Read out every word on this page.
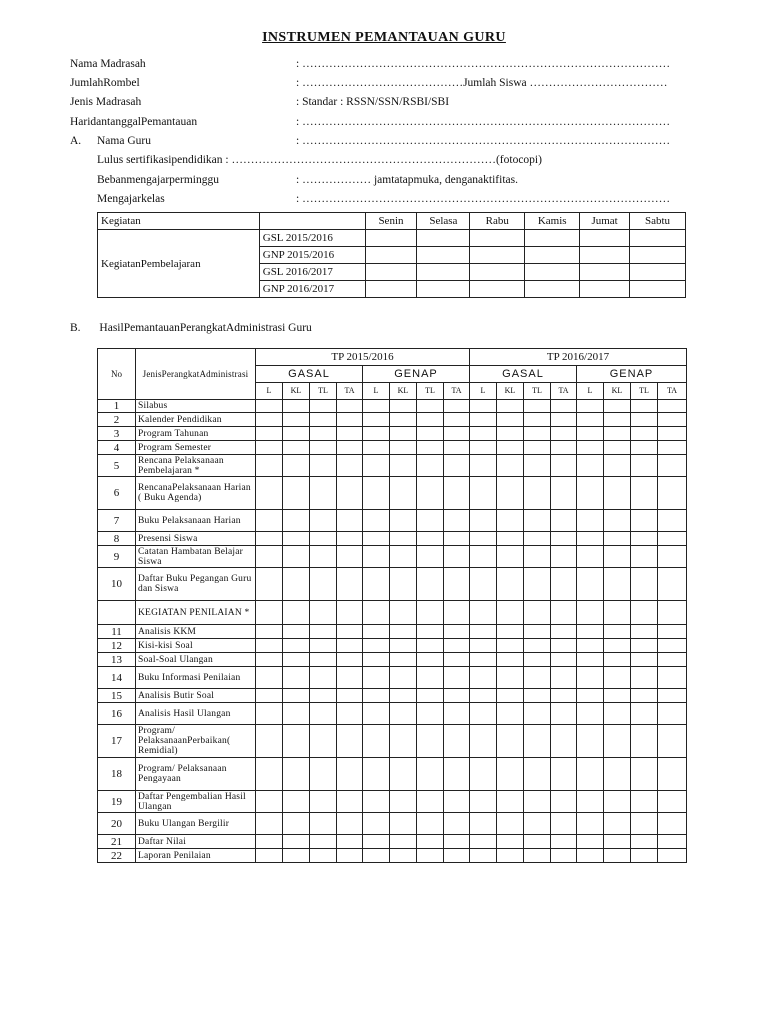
INSTRUMEN PEMANTAUAN GURU
Nama Madrasah	: ……………………………………………………………………………………
JumlahRombel	: ……………………………………Jumlah Siswa ………………………………
Jenis Madrasah	: Standar : RSSN/SSN/RSBI/SBI
HaridantanggalPemantauan	: ……………………………………………………………………………………
A. Nama Guru	: ……………………………………………………………………………………
Lulus sertifikasipendidikan : ……………………………………………………………(fotocopi)
Bebanmengajarperminggu	: ……………… jamtatapmuka, denganaktifitas.
Mengajarkelas	: ……………………………………………………………………………………
Kegiatan		Senin	Selasa	Rabu	Kamis	Jumat	Sabtu
KegiatanPembelajaran	GSL 2015/2016						
	GNP 2015/2016						
	GSL 2016/2017						
	GNP 2016/2017						
B. HasilPemantauanPerangkatAdministrasi Guru
No	JenisPerangkatAdministrasi	TP 2015/2016								TP 2016/2017							
		GASAL				GENAP				GASAL				GENAP			
		L	KL	TL	TA	L	KL	TL	TA	L	KL	TL	TA	L	KL	TL	TA
1	Silabus																
2	Kalender Pendidikan																
3	Program Tahunan																
4	Program Semester																
5	Rencana Pelaksanaan Pembelajaran *																
6	RencanaPelaksanaan Harian ( Buku Agenda)																
7	Buku Pelaksanaan Harian																
8	Presensi Siswa																
9	Catatan Hambatan Belajar Siswa																
10	Daftar Buku Pegangan Guru dan Siswa																
	KEGIATAN PENILAIAN *																
11	Analisis KKM																
12	Kisi-kisi Soal																
13	Soal-Soal Ulangan																
14	Buku Informasi Penilaian																
15	Analisis Butir Soal																
16	Analisis Hasil Ulangan																
17	Program/ PelaksanaanPerbaikan( Remidial)																
18	Program/ Pelaksanaan Pengayaan																
19	Daftar Pengembalian Hasil Ulangan																
20	Buku Ulangan Bergilir																
21	Daftar Nilai																
22	Laporan Penilaian																
